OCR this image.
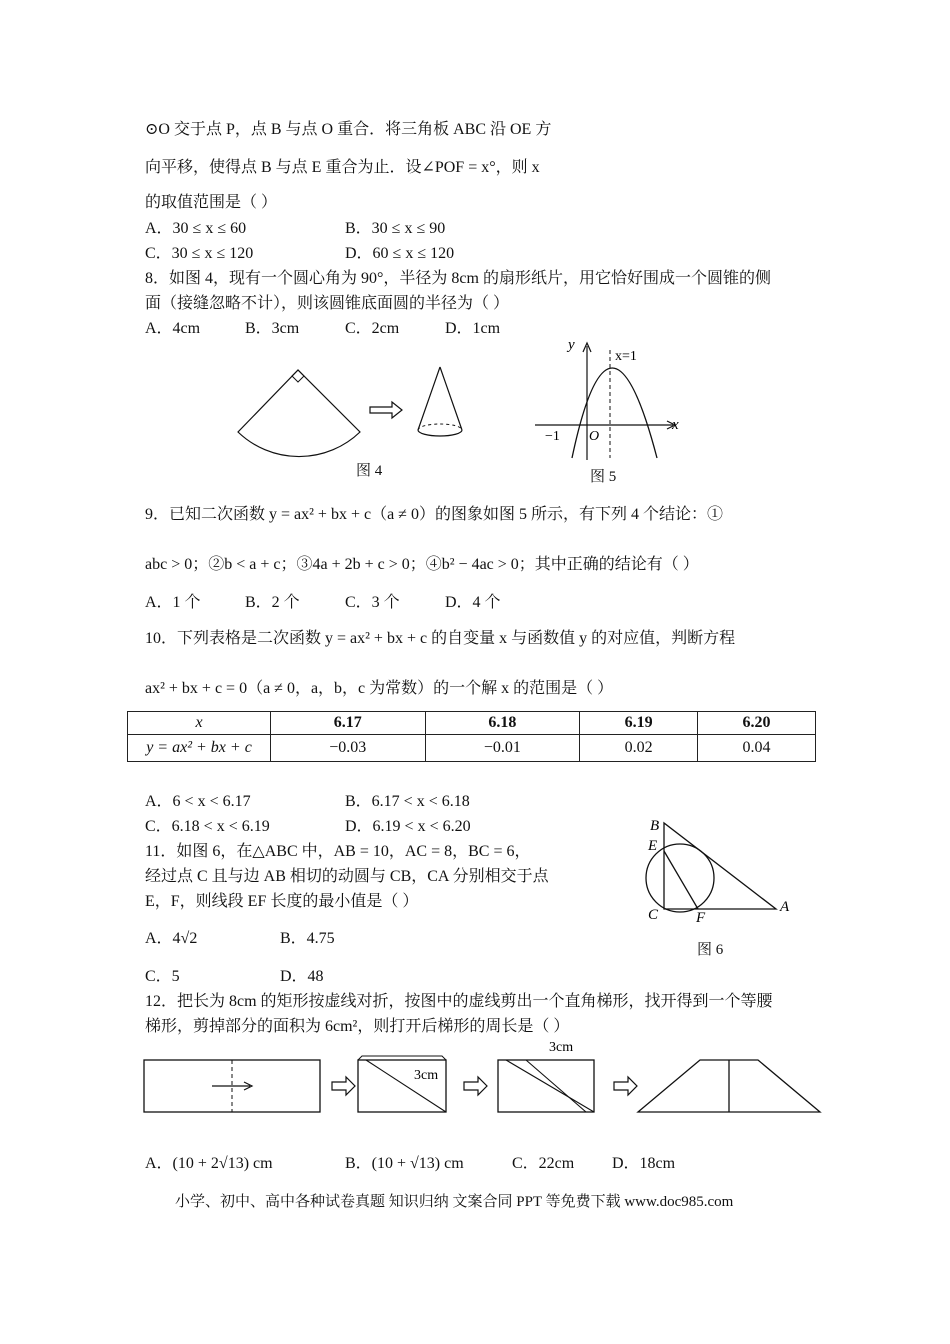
⊙O 交于点 P，点 B 与点 O 重合．将三角板 ABC 沿 OE 方
向平移，使得点 B 与点 E 重合为止．设∠POF = x°，则 x
的取值范围是（ ）
A．30 ≤ x ≤ 60	B．30 ≤ x ≤ 90
C．30 ≤ x ≤ 120	D．60 ≤ x ≤ 120
8．如图 4，现有一个圆心角为 90°，半径为 8cm 的扇形纸片，用它恰好围成一个圆锥的侧
面（接缝忽略不计），则该圆锥底面圆的半径为（ ）
A．4cm	B．3cm	C．2cm	D．1cm
图 4
y
x=1
x
−1 O
图 5
9．已知二次函数 y = ax² + bx + c（a ≠ 0）的图象如图 5 所示，有下列 4 个结论：①
abc > 0；②b < a + c；③4a + 2b + c > 0；④b² − 4ac > 0；其中正确的结论有（ ）
A．1 个	B．2 个	C．3 个	D．4 个
10．下列表格是二次函数 y = ax² + bx + c 的自变量 x 与函数值 y 的对应值，判断方程
ax² + bx + c = 0（a ≠ 0，a，b，c 为常数）的一个解 x 的范围是（ ）
x	6.17	6.18	6.19	6.20
y = ax² + bx + c	−0.03	−0.01	0.02	0.04
A．6 < x < 6.17	B．6.17 < x < 6.18
C．6.18 < x < 6.19	D．6.19 < x < 6.20
11．如图 6，在△ABC 中，AB = 10，AC = 8，BC = 6，
经过点 C 且与边 AB 相切的动圆与 CB，CA 分别相交于点
E，F，则线段 EF 长度的最小值是（ ）
A．4√2	B．4.75
C．5	D．48
B
E
C	F
A
图 6
12．把长为 8cm 的矩形按虚线对折，按图中的虚线剪出一个直角梯形，找开得到一个等腰
梯形，剪掉部分的面积为 6cm²，则打开后梯形的周长是（ ）
3cm
3cm
A．(10 + 2√13) cm	B．(10 + √13) cm	C．22cm D．18cm
小学、初中、高中各种试卷真题 知识归纳 文案合同 PPT 等免费下载 www.doc985.com
